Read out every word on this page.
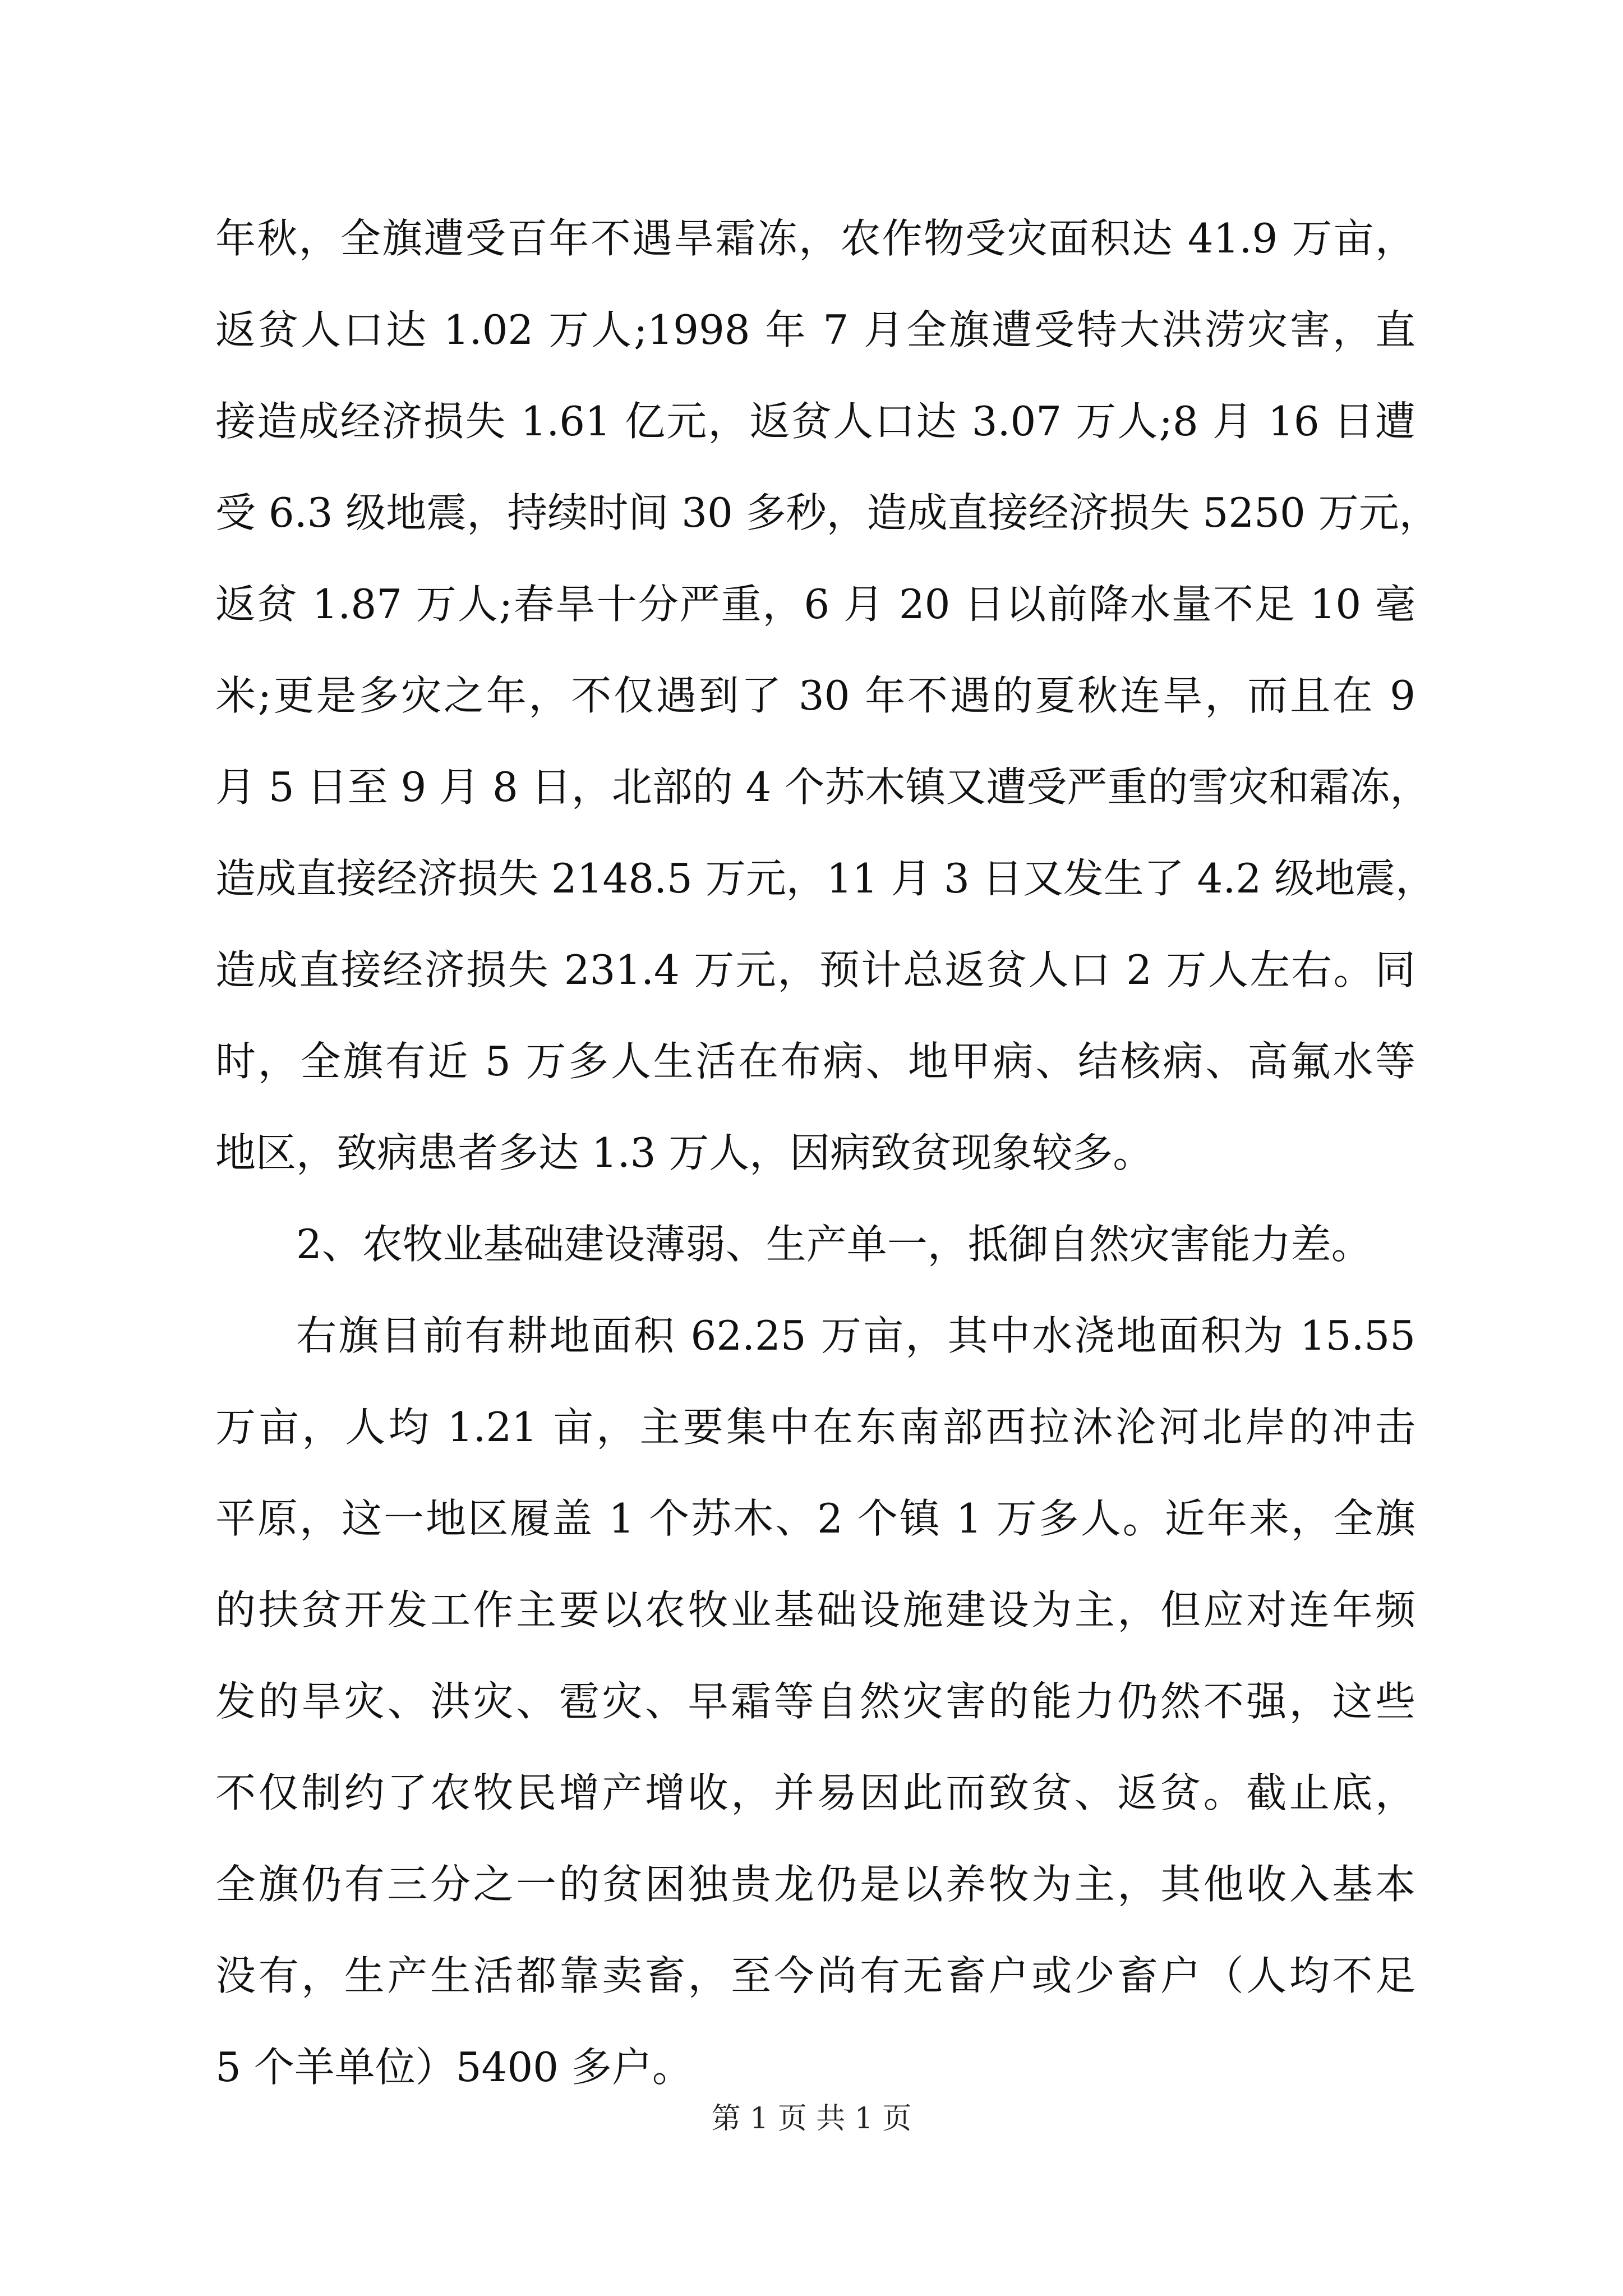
年秋，全旗遭受百年不遇旱霜冻，农作物受灾面积达 41.9 万亩，
返贫人口达 1.02 万人;1998 年 7 月全旗遭受特大洪涝灾害，直
接造成经济损失 1.61 亿元，返贫人口达 3.07 万人;8 月 16 日遭
受 6.3 级地震，持续时间 30 多秒，造成直接经济损失 5250 万元，
返贫 1.87 万人;春旱十分严重，6 月 20 日以前降水量不足 10 毫
米;更是多灾之年，不仅遇到了 30 年不遇的夏秋连旱，而且在 9
月 5 日至 9 月 8 日，北部的 4 个苏木镇又遭受严重的雪灾和霜冻，
造成直接经济损失 2148.5 万元，11 月 3 日又发生了 4.2 级地震，
造成直接经济损失 231.4 万元，预计总返贫人口 2 万人左右。同
时，全旗有近 5 万多人生活在布病、地甲病、结核病、高氟水等
地区，致病患者多达 1.3 万人，因病致贫现象较多。
2、农牧业基础建设薄弱、生产单一，抵御自然灾害能力差。
右旗目前有耕地面积 62.25 万亩，其中水浇地面积为 15.55
万亩，人均 1.21 亩，主要集中在东南部西拉沐沦河北岸的冲击
平原，这一地区履盖 1 个苏木、2 个镇 1 万多人。近年来，全旗
的扶贫开发工作主要以农牧业基础设施建设为主，但应对连年频
发的旱灾、洪灾、雹灾、早霜等自然灾害的能力仍然不强，这些
不仅制约了农牧民增产增收，并易因此而致贫、返贫。截止底，
全旗仍有三分之一的贫困独贵龙仍是以养牧为主，其他收入基本
没有，生产生活都靠卖畜，至今尚有无畜户或少畜户（人均不足
5 个羊单位）5400 多户。
第 1 页 共 1 页
